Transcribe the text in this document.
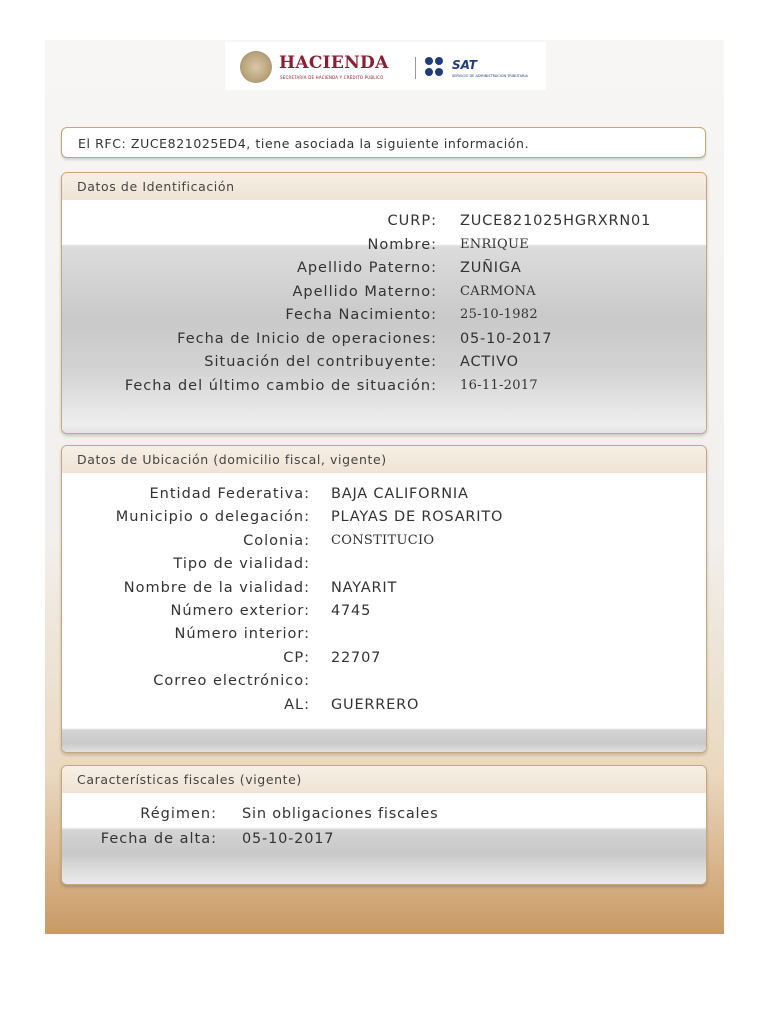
HACIENDA
SECRETARÍA DE HACIENDA Y CRÉDITO PÚBLICO
SAT
SERVICIO DE ADMINISTRACIÓN TRIBUTARIA
El RFC: ZUCE821025ED4, tiene asociada la siguiente información.
Datos de Identificación
CURP: ZUCE821025HGRXRN01
Nombre: ENRIQUE
Apellido Paterno: ZUÑIGA
Apellido Materno: CARMONA
Fecha Nacimiento: 25-10-1982
Fecha de Inicio de operaciones: 05-10-2017
Situación del contribuyente: ACTIVO
Fecha del último cambio de situación: 16-11-2017
Datos de Ubicación (domicilio fiscal, vigente)
Entidad Federativa: BAJA CALIFORNIA
Municipio o delegación: PLAYAS DE ROSARITO
Colonia: CONSTITUCIO
Tipo de vialidad:
Nombre de la vialidad: NAYARIT
Número exterior: 4745
Número interior:
CP: 22707
Correo electrónico:
AL: GUERRERO
Características fiscales (vigente)
Régimen: Sin obligaciones fiscales
Fecha de alta: 05-10-2017
